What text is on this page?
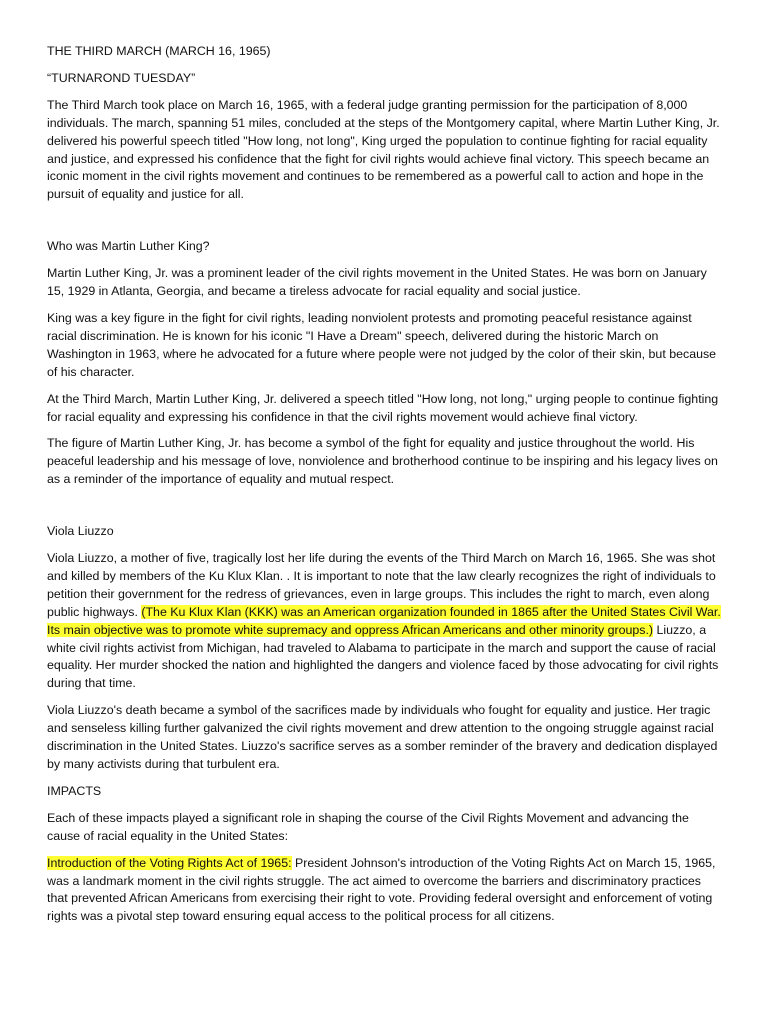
THE THIRD MARCH (MARCH 16, 1965)
“TURNAROND TUESDAY”
The Third March took place on March 16, 1965, with a federal judge granting permission for the participation of 8,000 individuals. The march, spanning 51 miles, concluded at the steps of the Montgomery capital, where Martin Luther King, Jr. delivered his powerful speech titled "How long, not long", King urged the population to continue fighting for racial equality and justice, and expressed his confidence that the fight for civil rights would achieve final victory. This speech became an iconic moment in the civil rights movement and continues to be remembered as a powerful call to action and hope in the pursuit of equality and justice for all.
Who was Martin Luther King?
Martin Luther King, Jr. was a prominent leader of the civil rights movement in the United States. He was born on January 15, 1929 in Atlanta, Georgia, and became a tireless advocate for racial equality and social justice.
King was a key figure in the fight for civil rights, leading nonviolent protests and promoting peaceful resistance against racial discrimination. He is known for his iconic "I Have a Dream" speech, delivered during the historic March on Washington in 1963, where he advocated for a future where people were not judged by the color of their skin, but because of his character.
At the Third March, Martin Luther King, Jr. delivered a speech titled "How long, not long," urging people to continue fighting for racial equality and expressing his confidence in that the civil rights movement would achieve final victory.
The figure of Martin Luther King, Jr. has become a symbol of the fight for equality and justice throughout the world. His peaceful leadership and his message of love, nonviolence and brotherhood continue to be inspiring and his legacy lives on as a reminder of the importance of equality and mutual respect.
Viola Liuzzo
Viola Liuzzo, a mother of five, tragically lost her life during the events of the Third March on March 16, 1965. She was shot and killed by members of the Ku Klux Klan. . It is important to note that the law clearly recognizes the right of individuals to petition their government for the redress of grievances, even in large groups. This includes the right to march, even along public highways. (The Ku Klux Klan (KKK) was an American organization founded in 1865 after the United States Civil War. Its main objective was to promote white supremacy and oppress African Americans and other minority groups.) Liuzzo, a white civil rights activist from Michigan, had traveled to Alabama to participate in the march and support the cause of racial equality. Her murder shocked the nation and highlighted the dangers and violence faced by those advocating for civil rights during that time.
Viola Liuzzo's death became a symbol of the sacrifices made by individuals who fought for equality and justice. Her tragic and senseless killing further galvanized the civil rights movement and drew attention to the ongoing struggle against racial discrimination in the United States. Liuzzo's sacrifice serves as a somber reminder of the bravery and dedication displayed by many activists during that turbulent era.
IMPACTS
Each of these impacts played a significant role in shaping the course of the Civil Rights Movement and advancing the cause of racial equality in the United States:
Introduction of the Voting Rights Act of 1965: President Johnson's introduction of the Voting Rights Act on March 15, 1965, was a landmark moment in the civil rights struggle. The act aimed to overcome the barriers and discriminatory practices that prevented African Americans from exercising their right to vote. Providing federal oversight and enforcement of voting rights was a pivotal step toward ensuring equal access to the political process for all citizens.
